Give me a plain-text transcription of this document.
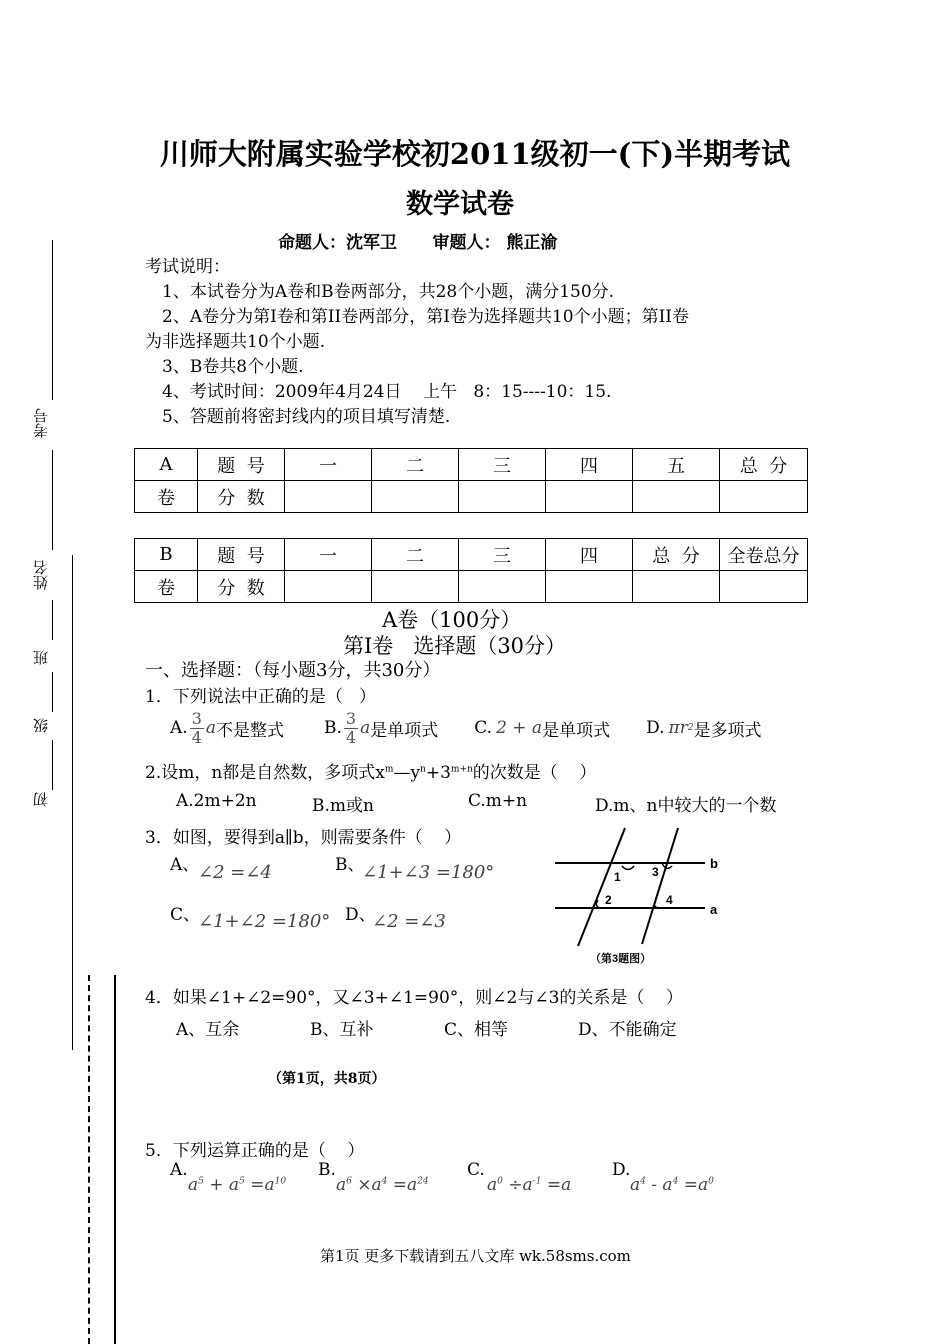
考号
姓名
班
级
初
川师大附属实验学校初2011级初一(下)半期考试
数学试卷
命题人：沈军卫      审题人： 熊正渝
考试说明：
1、本试卷分为A卷和B卷两部分，共28个小题，满分150分.
2、A卷分为第I卷和第II卷两部分，第I卷为选择题共10个小题；第II卷
为非选择题共10个小题.
3、B卷共8个小题.
4、考试时间：2009年4月24日    上午   8：15----10：15.
5、答题前将密封线内的项目填写清楚.
A	题  号	一	二	三	四	五	总  分
卷	分  数						
B	题  号	一	二	三	四	总  分	全卷总分
卷	分  数						
A卷（100分）
第I卷   选择题（30分）
一、选择题：（每小题3分，共30分）
1．下列说法中正确的是（   ）
A. $\frac{3}{4}$ a 不是整式 B. $\frac{3}{4}$ a 是单项式 C. 2 + a 是单项式 D. πr 2 是多项式
2.设m，n都是自然数，多项式$x^m—y^n+3^{m+n}$的次数是（    ）
A.2m+2n	B.m或n	C.m+n	D.m、n中较大的一个数
3．如图，要得到a∥b，则需要条件（    ）
A、
∠2 =∠4	B、
∠1+∠3 =180°
C、
∠1+∠2 =180° D、
∠2 =∠3
1	3
2	4
b
a
（第3题图）
4．如果∠1+∠2=90°，又∠3+∠1=90°，则∠2与∠3的关系是（    ）
A、互余	B、互补	C、相等	D、不能确定
（第1页，共8页）
5．下列运算正确的是（    ）
A.
$a^5 + a^5 =a^{10}$
B.
$a^6 \times a^4 =a^{24}$
C.
$a^0 \div a^{-1} =a$
D.
$a^4 - a^4 =a^0$
第1页 更多下载请到五八文库 wk.58sms.com
